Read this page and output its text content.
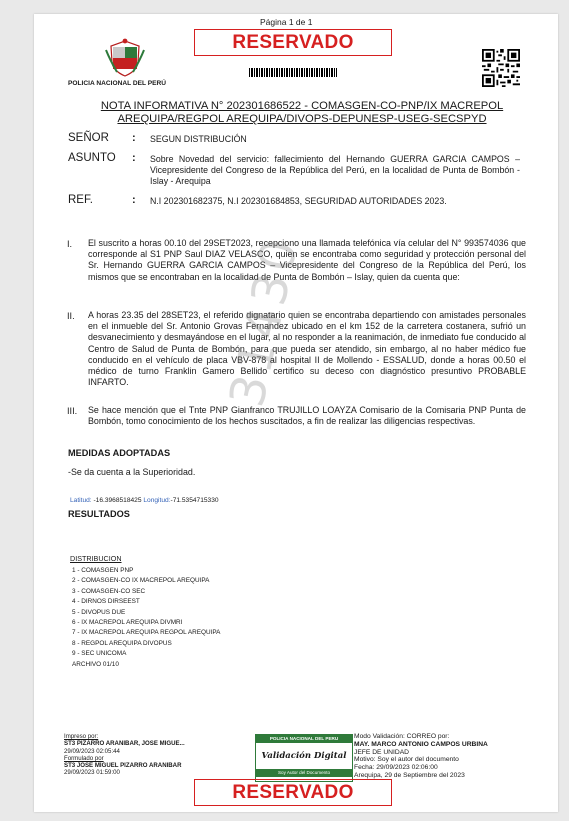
Página 1 de 1
RESERVADO
POLICIA NACIONAL DEL PERÚ
NOTA INFORMATIVA N° 202301686522 - COMASGEN-CO-PNP/IX MACREPOL
AREQUIPA/REGPOL AREQUIPA/DIVOPS-DEPUNESP-USEG-SECSPYD
SEÑOR : SEGUN DISTRIBUCIÓN
ASUNTO : Sobre Novedad del servicio: fallecimiento del Hernando GUERRA GARCIA CAMPOS – Vicepresidente del Congreso de la República del Perú, en la localidad de Punta de Bombón - Islay - Arequipa
REF.	: N.I 202301682375, N.I 202301684853, SEGURIDAD AUTORIDADES 2023.
I. El suscrito a horas 00.10 del 29SET2023, recepciono una llamada telefónica vía celular del N° 993574036 que corresponde al S1 PNP Saul DIAZ VELASCO, quien se encontraba como seguridad y protección personal del Sr. Hernando GUERRA GARCIA CAMPOS – Vicepresidente del Congreso de la República del Perú, los mismos que se encontraban en la localidad de Punta de Bombón – Islay, quien da cuenta que:
II. A horas 23.35 del 28SET23, el referido dignatario quien se encontraba departiendo con amistades personales en el inmueble del Sr. Antonio Grovas Fernandez ubicado en el km 152 de la carretera costanera, sufrió un desvanecimiento y desmayándose en el lugar, al no responder a la reanimación, de inmediato fue conducido al Centro de Salud de Punta de Bombón, para que pueda ser atendido, sin embargo, al no haber médico fue conducido en el vehículo de placa VBV-878 al hospital II de Mollendo - ESSALUD, donde a horas 00.50 el médico de turno Franklin Gamero Bellido certifico su deceso con diagnóstico presuntivo PROBABLE INFARTO.
III. Se hace mención que el Tnte PNP Gianfranco TRUJILLO LOAYZA Comisario de la Comisaria PNP Punta de Bombón, tomo conocimiento de los hechos suscitados, a fin de realizar las diligencias respectivas.
MEDIDAS ADOPTADAS
-Se da cuenta a la Superioridad.
Latitud: -16.3968518425 Longitud:-71.5354715330
RESULTADOS
31430
DISTRIBUCION
1 - COMASGEN PNP
2 - COMASGEN-CO IX MACREPOL AREQUIPA
3 - COMASGEN-CO SEC
4 - DIRNOS DIRSEEST
5 - DIVOPUS DUE
6 - IX MACREPOL AREQUIPA DIVMRI
7 - IX MACREPOL AREQUIPA REGPOL AREQUIPA
8 - REGPOL AREQUIPA DIVOPUS
9 - SEC UNICOMA
ARCHIVO 01/10
Impreso por:
ST3 PIZARRO ARANIBAR, JOSE MIGUE...
29/09/2023 02:05:44
Formulado por
ST3 JOSE MIGUEL PIZARRO ARANIBAR
29/09/2023 01:59:00
POLICIA NACIONAL DEL PERU
Validación Digital
Soy Autor del Documento
Modo Validación: CORREO por:
MAY. MARCO ANTONIO CAMPOS URBINA
JEFE DE UNIDAD
Motivo: Soy el autor del documento
Fecha: 29/09/2023 02:06:00
Arequipa, 29 de Septiembre del 2023
RESERVADO
